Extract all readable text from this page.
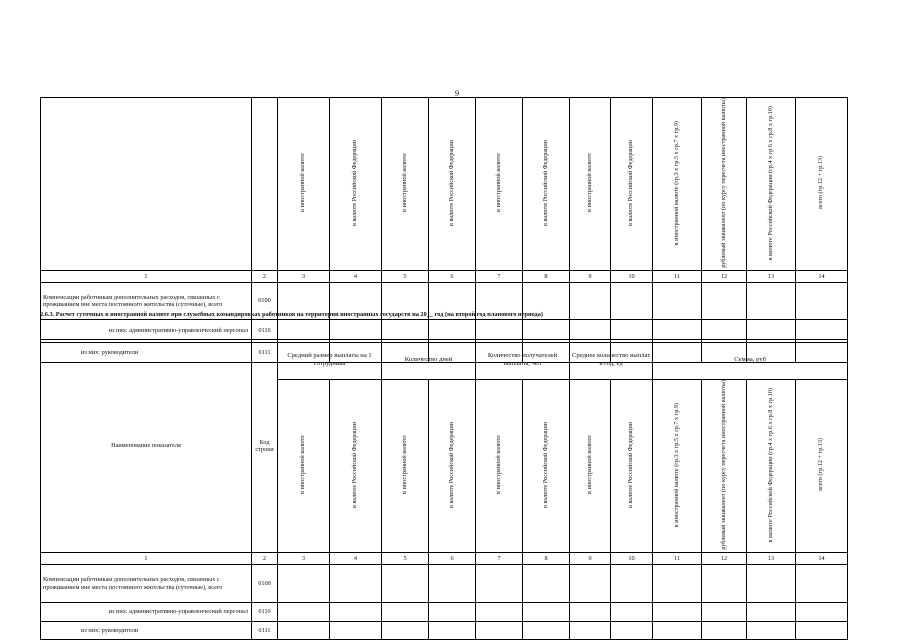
9
		в иностранной валюте	в валюте Российской Федерации	в иностранной валюте	в валюте Российской Федерации	в иностранной валюте	в валюте Российской Федерации	в иностранной валюте	в валюте Российской Федерации	в иностранной валюте (гр.3 х гр.5 х гр.7 х гр.9)	рублевый эквивалент (по курсу пересчета иностранной валюты)	в валюте Российской Федерации (гр.4 х гр.6 х гр.8 х гр.10)	всего (гр.12 + гр.13)
1	2	3	4	5	6	7	8	9	10	11	12	13	14
Компенсации работникам дополнительных расходов, связанных с проживанием вне места постоянного жительства (суточные), всего	0100												
из них: административно-управленческий персонал	0110												
из них: руководители	0111												
2.6.3. Расчет суточных в иностранной валюте при служебных командировках работников на территории иностранных государств на 20__ год (на второй год планового периода)
Наименование показателя	Код строки	Средний размер выплаты на 1 сотрудника		Количество дней		Количество получателей выплаты, чел		Среднее количество выплат в год, ед		Сумма, руб			
		в иностранной валюте	в валюте Российской Федерации	в иностранной валюте	в валюте Российской Федерации	в иностранной валюте	в валюте Российской Федерации	в иностранной валюте	в валюте Российской Федерации	в иностранной валюте (гр.3 х гр.5 х гр.7 х гр.9)	рублевый эквивалент (по курсу пересчета иностранной валюты)	в валюте Российской Федерации (гр.4 х гр.6 х гр.8 х гр.10)	всего (гр.12 + гр.13)
1	2	3	4	5	6	7	8	9	10	11	12	13	14
Компенсации работникам дополнительных расходов, связанных с проживанием вне места постоянного жительства (суточные), всего	0100												
из них: административно-управленческий персонал	0110												
из них: руководители	0111												
